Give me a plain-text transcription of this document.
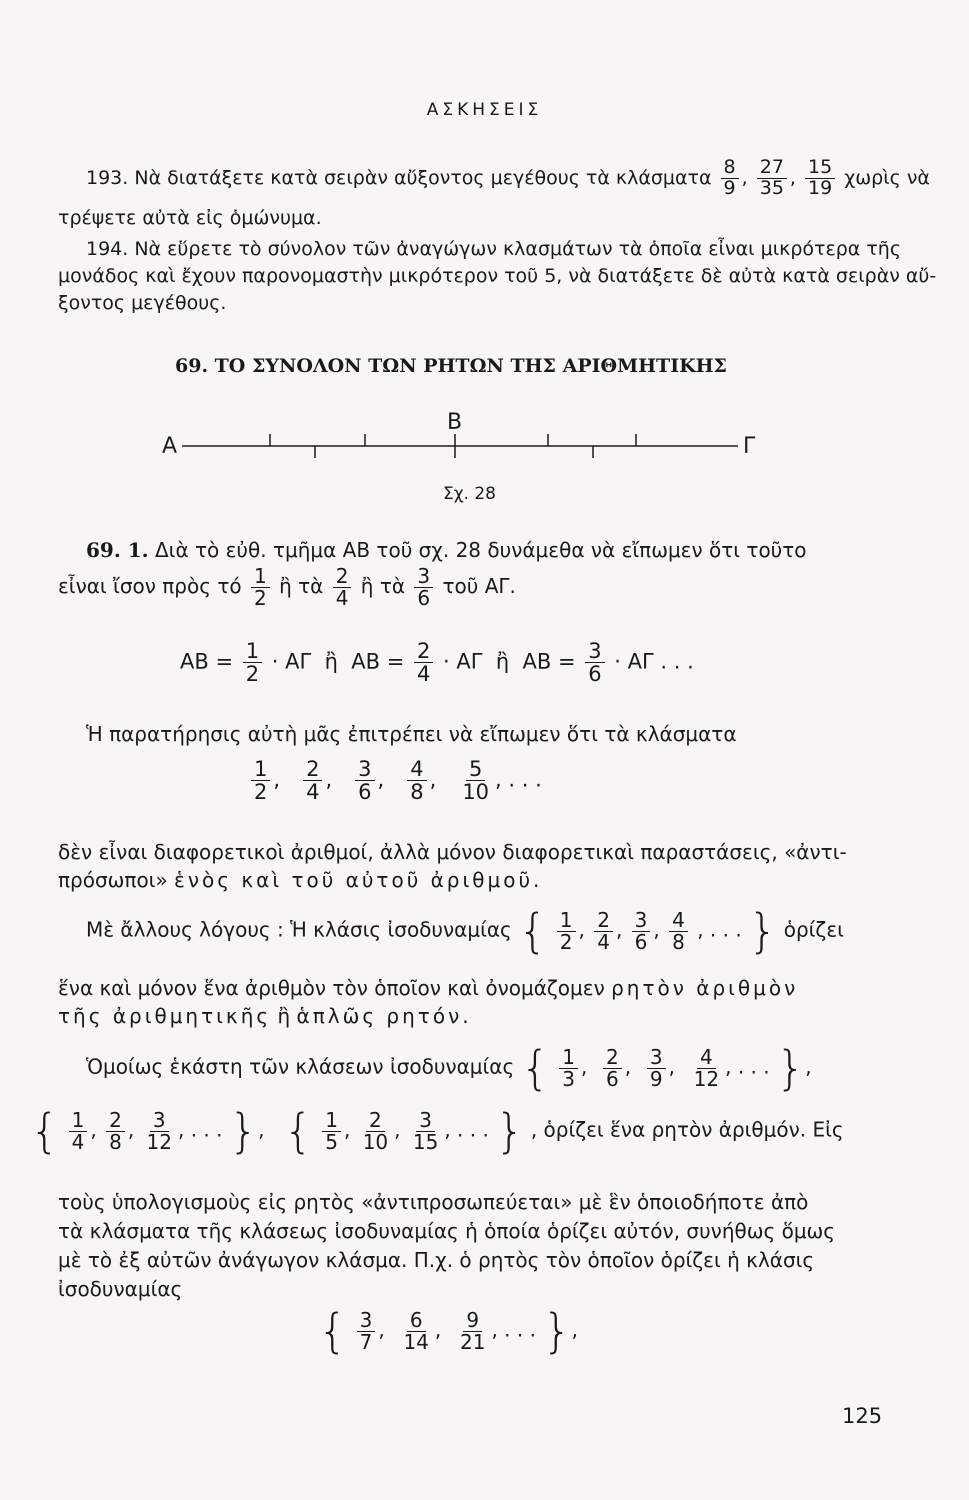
ΑΣΚΗΣΕΙΣ
193. Νὰ διατάξετε κατὰ σειρὰν αὔξοντος μεγέθους τὰ κλάσματα $\frac{8}{9}$ , $\frac{27}{35}$ , $\frac{15}{19}$ χωρὶς νὰ
τρέψετε αὐτὰ εἰς ὁμώνυμα.
194. Νὰ εὕρετε τὸ σύνολον τῶν ἀναγώγων κλασμάτων τὰ ὁποῖα εἶναι μικρότερα τῆς
μονάδος καὶ ἔχουν παρονομαστὴν μικρότερον τοῦ 5, νὰ διατάξετε δὲ αὐτὰ κατὰ σειρὰν αὔ-
ξοντος μεγέθους.
69. ΤΟ ΣΥΝΟΛΟΝ ΤΩΝ ΡΗΤΩΝ ΤΗΣ ΑΡΙΘΜΗΤΙΚΗΣ
Α
Β
Γ
Σχ. 28
69. 1. Διὰ τὸ εὐθ. τμῆμα ΑΒ τοῦ σχ. 28 δυνάμεθα νὰ εἴπωμεν ὅτι τοῦτο
εἶναι ἴσον πρὸς τό $\frac{1}{2}$ ἢ τὰ $\frac{2}{4}$ ἢ τὰ $\frac{3}{6}$ τοῦ ΑΓ.
$AB = \frac{1}{2} \cdot A\Gamma$ ἢ $AB = \frac{2}{4} \cdot A\Gamma$ ἢ $AB = \frac{3}{6} \cdot A\Gamma$ . . .
Ἡ παρατήρησις αὐτὴ μᾶς ἐπιτρέπει νὰ εἴπωμεν ὅτι τὰ κλάσματα
$\frac{1}{2}$ , $\frac{2}{4}$ , $\frac{3}{6}$ , $\frac{4}{8}$ , $\frac{5}{10}$ , . . .
δὲν εἶναι διαφορετικοὶ ἀριθμοί, ἀλλὰ μόνον διαφορετικαὶ παραστάσεις, «ἀντι-
πρόσωποι» ἑνὸς καὶ τοῦ αὐτοῦ ἀριθμοῦ.
Μὲ ἄλλους λόγους : Ἡ κλάσις ἰσοδυναμίας { $\frac{1}{2}$ , $\frac{2}{4}$ , $\frac{3}{6}$ , $\frac{4}{8}$ , . . . } ὁρίζει
ἕνα καὶ μόνον ἕνα ἀριθμὸν τὸν ὁποῖον καὶ ὀνομάζομεν ρητὸν ἀριθμὸν
τῆς ἀριθμητικῆς ἢ ἁπλῶς ρητόν.
Ὁμοίως ἑκάστη τῶν κλάσεων ἰσοδυναμίας { $\frac{1}{3}$ , $\frac{2}{6}$ , $\frac{3}{9}$ , $\frac{4}{12}$ , . . . },
{ $\frac{1}{4}$ , $\frac{2}{8}$ , $\frac{3}{12}$ , . . . },   { $\frac{1}{5}$ , $\frac{2}{10}$ , $\frac{3}{15}$ , . . . } , ὁρίζει ἕνα ρητὸν ἀριθμόν. Εἰς
τοὺς ὑπολογισμοὺς εἰς ρητὸς «ἀντιπροσωπεύεται» μὲ ἓν ὁποιοδήποτε ἀπὸ
τὰ κλάσματα τῆς κλάσεως ἰσοδυναμίας ἡ ὁποία ὁρίζει αὐτόν, συνήθως ὅμως
μὲ τὸ ἐξ αὐτῶν ἀνάγωγον κλάσμα. Π.χ. ὁ ρητὸς τὸν ὁποῖον ὁρίζει ἡ κλάσις
ἰσοδυναμίας
{ $\frac{3}{7}$ , $\frac{6}{14}$ , $\frac{9}{21}$ , . . . },
125
